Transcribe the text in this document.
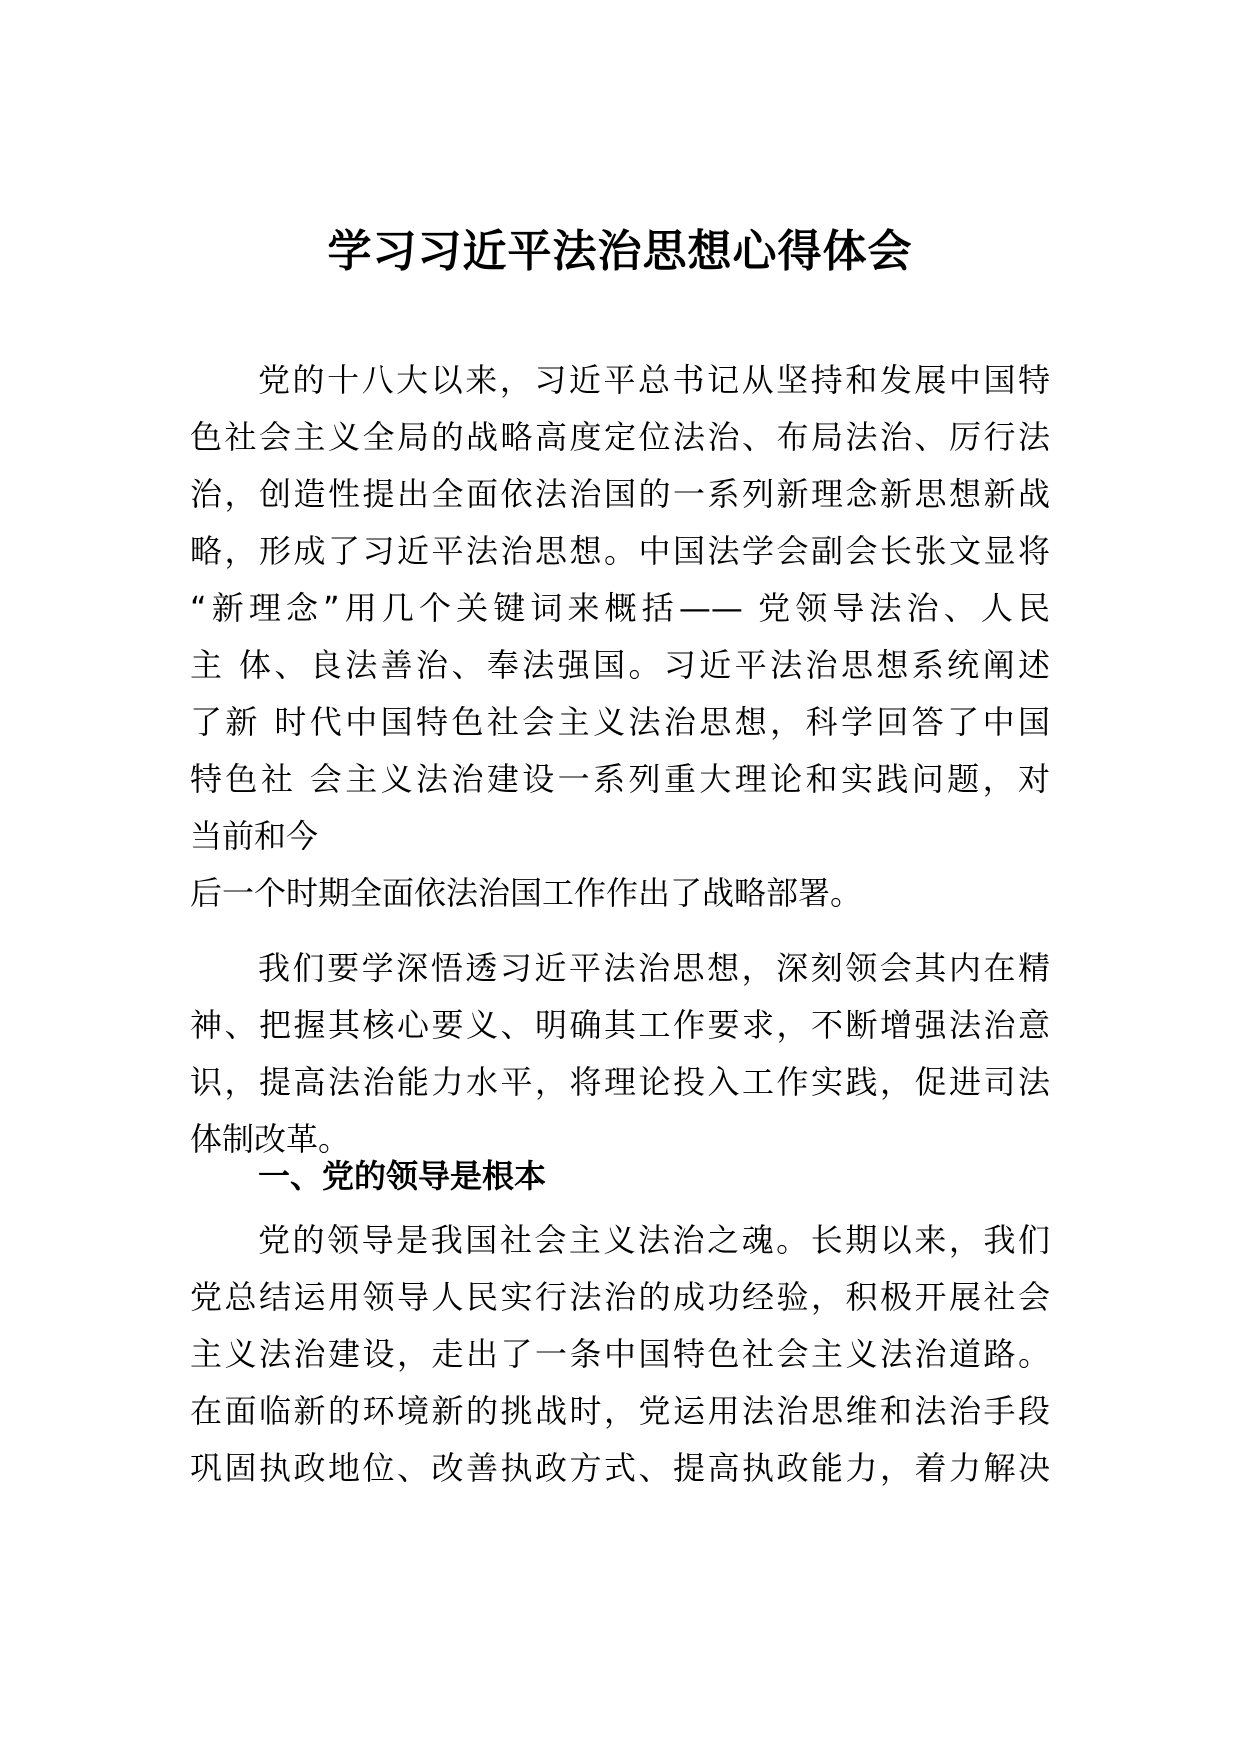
学习习近平法治思想心得体会
党的十八大以来，习近平总书记从坚持和发展中国特
色社会主义全局的战略高度定位法治、布局法治、厉行法
治，创造性提出全面依法治国的一系列新理念新思想新战
略，形成了习近平法治思想。中国法学会副会长张文显将
“新理念”用几个关键词来概括—— 党领导法治、人民
主 体、良法善治、奉法强国。习近平法治思想系统阐述
了新 时代中国特色社会主义法治思想，科学回答了中国
特色社 会主义法治建设一系列重大理论和实践问题，对
当前和今
后一个时期全面依法治国工作作出了战略部署。
我们要学深悟透习近平法治思想，深刻领会其内在精
神、把握其核心要义、明确其工作要求，不断增强法治意
识，提高法治能力水平，将理论投入工作实践，促进司法
体制改革。
一、党的领导是根本
党的领导是我国社会主义法治之魂。长期以来，我们
党总结运用领导人民实行法治的成功经验，积极开展社会
主义法治建设，走出了一条中国特色社会主义法治道路。
在面临新的环境新的挑战时，党运用法治思维和法治手段
巩固执政地位、改善执政方式、提高执政能力，着力解决
